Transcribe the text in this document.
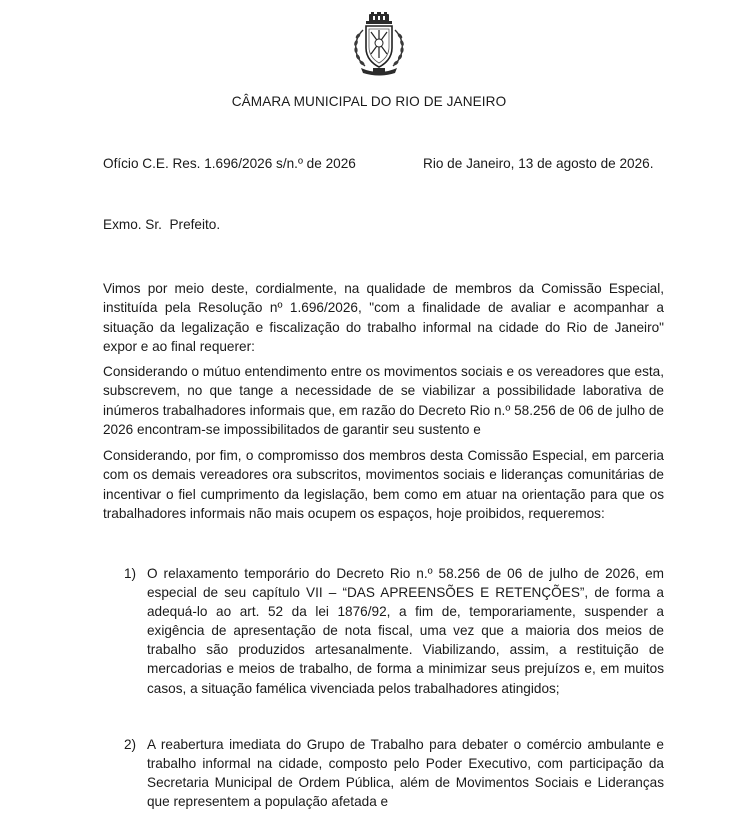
CÂMARA MUNICIPAL DO RIO DE JANEIRO
Ofício C.E. Res. 1.696/2026 s/n.º de 2026	Rio de Janeiro, 13 de agosto de 2026.
Exmo. Sr.  Prefeito.

Vimos por meio deste, cordialmente, na qualidade de membros da Comissão Especial, instituída pela Resolução nº 1.696/2026, "com a finalidade de avaliar e acompanhar a situação da legalização e fiscalização do trabalho informal na cidade do Rio de Janeiro" expor e ao final requerer:

Considerando o mútuo entendimento entre os movimentos sociais e os vereadores que esta, subscrevem, no que tange a necessidade de se viabilizar a possibilidade laborativa de inúmeros trabalhadores informais que, em razão do Decreto Rio n.º 58.256 de 06 de julho de 2026 encontram-se impossibilitados de garantir seu sustento e

Considerando, por fim, o compromisso dos membros desta Comissão Especial, em parceria com os demais vereadores ora subscritos, movimentos sociais e lideranças comunitárias de incentivar o fiel cumprimento da legislação, bem como em atuar na orientação para que os trabalhadores informais não mais ocupem os espaços, hoje proibidos, requeremos:

1) O relaxamento temporário do Decreto Rio n.º 58.256 de 06 de julho de 2026, em especial de seu capítulo VII – “DAS APREENSÕES E RETENÇÕES”, de forma a adequá-lo ao art. 52 da lei 1876/92, a fim de, temporariamente, suspender a exigência de apresentação de nota fiscal, uma vez que a maioria dos meios de trabalho são produzidos artesanalmente. Viabilizando, assim, a restituição de mercadorias e meios de trabalho, de forma a minimizar seus prejuízos e, em muitos casos, a situação famélica vivenciada pelos trabalhadores atingidos;

2) A reabertura imediata do Grupo de Trabalho para debater o comércio ambulante e trabalho informal na cidade, composto pelo Poder Executivo, com participação da Secretaria Municipal de Ordem Pública, além de Movimentos Sociais e Lideranças que representem a população afetada e
